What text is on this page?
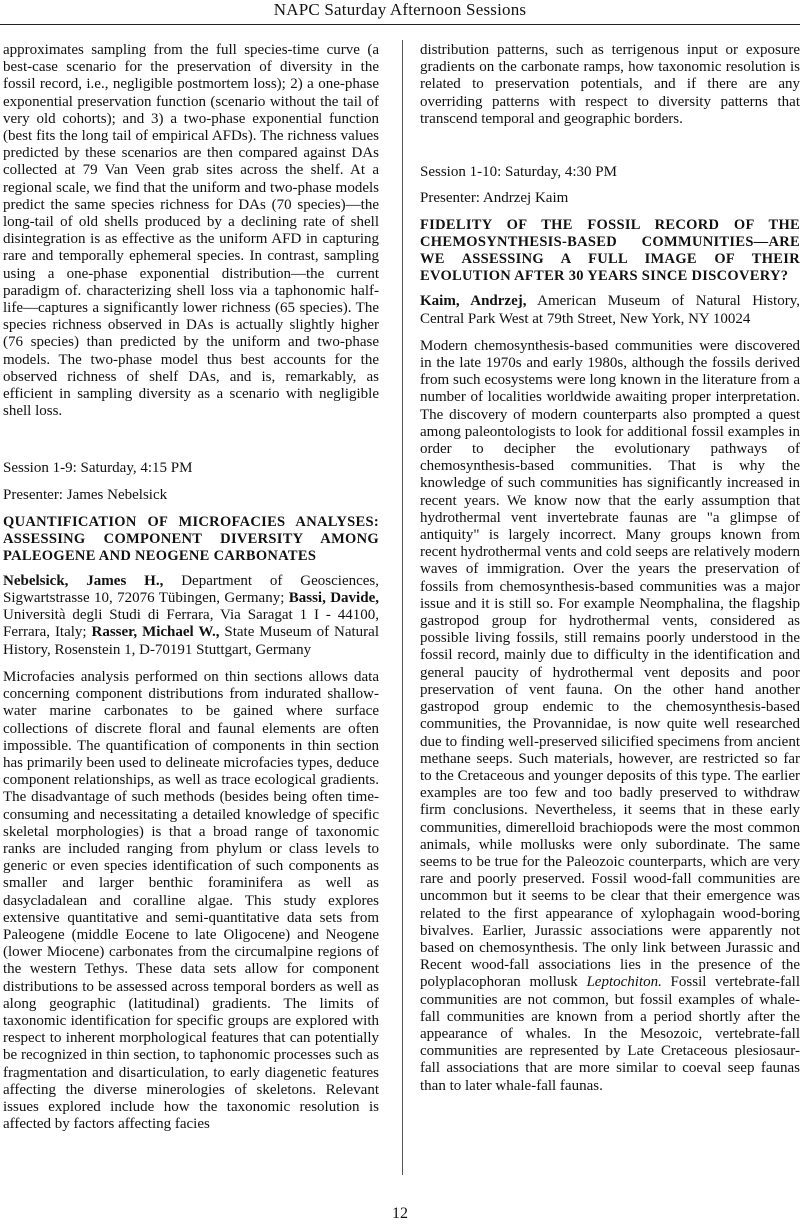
NAPC Saturday Afternoon Sessions

approximates sampling from the full species-time curve (a best-case scenario for the preservation of diversity in the fossil record, i.e., negligible postmortem loss); 2) a one-phase exponential preservation function (scenario without the tail of very old cohorts); and 3) a two-phase exponential function (best fits the long tail of empirical AFDs). The richness values predicted by these scenarios are then compared against DAs collected at 79 Van Veen grab sites across the shelf. At a regional scale, we find that the uniform and two-phase models predict the same species richness for DAs (70 species)—the long-tail of old shells produced by a declining rate of shell disintegration is as effective as the uniform AFD in capturing rare and temporally ephemeral species. In contrast, sampling using a one-phase exponential distribution—the current paradigm of. characterizing shell loss via a taphonomic half-life—captures a significantly lower richness (65 species). The species richness observed in DAs is actually slightly higher (76 species) than predicted by the uniform and two-phase models. The two-phase model thus best accounts for the observed richness of shelf DAs, and is, remarkably, as efficient in sampling diversity as a scenario with negligible shell loss.

Session 1-9: Saturday, 4:15 PM

Presenter: James Nebelsick

QUANTIFICATION OF MICROFACIES ANALYSES: ASSESSING COMPONENT DIVERSITY AMONG PALEOGENE AND NEOGENE CARBONATES

Nebelsick, James H., Department of Geosciences, Sigwartstrasse 10, 72076 Tübingen, Germany; Bassi, Davide, Università degli Studi di Ferrara, Via Saragat 1 I - 44100, Ferrara, Italy; Rasser, Michael W., State Museum of Natural History, Rosenstein 1, D-70191 Stuttgart, Germany

Microfacies analysis performed on thin sections allows data concerning component distributions from indurated shallow-water marine carbonates to be gained where surface collections of discrete floral and faunal elements are often impossible. The quantification of components in thin section has primarily been used to delineate microfacies types, deduce component relationships, as well as trace ecological gradients. The disadvantage of such methods (besides being often time-consuming and necessitating a detailed knowledge of specific skeletal morphologies) is that a broad range of taxonomic ranks are included ranging from phylum or class levels to generic or even species identification of such components as smaller and larger benthic foraminifera as well as dasycladalean and coralline algae. This study explores extensive quantitative and semi-quantitative data sets from Paleogene (middle Eocene to late Oligocene) and Neogene (lower Miocene) carbonates from the circumalpine regions of the western Tethys. These data sets allow for component distributions to be assessed across temporal borders as well as along geographic (latitudinal) gradients. The limits of taxonomic identification for specific groups are explored with respect to inherent morphological features that can potentially be recognized in thin section, to taphonomic processes such as fragmentation and disarticulation, to early diagenetic features affecting the diverse minerologies of skeletons. Relevant issues explored include how the taxonomic resolution is affected by factors affecting facies

distribution patterns, such as terrigenous input or exposure gradients on the carbonate ramps, how taxonomic resolution is related to preservation potentials, and if there are any overriding patterns with respect to diversity patterns that transcend temporal and geographic borders.

Session 1-10: Saturday, 4:30 PM

Presenter: Andrzej Kaim

FIDELITY OF THE FOSSIL RECORD OF THE CHEMOSYNTHESIS-BASED COMMUNITIES—ARE WE ASSESSING A FULL IMAGE OF THEIR EVOLUTION AFTER 30 YEARS SINCE DISCOVERY?

Kaim, Andrzej, American Museum of Natural History, Central Park West at 79th Street, New York, NY 10024

Modern chemosynthesis-based communities were discovered in the late 1970s and early 1980s, although the fossils derived from such ecosystems were long known in the literature from a number of localities worldwide awaiting proper interpretation. The discovery of modern counterparts also prompted a quest among paleontologists to look for additional fossil examples in order to decipher the evolutionary pathways of chemosynthesis-based communities. That is why the knowledge of such communities has significantly increased in recent years. We know now that the early assumption that hydrothermal vent invertebrate faunas are "a glimpse of antiquity" is largely incorrect. Many groups known from recent hydrothermal vents and cold seeps are relatively modern waves of immigration. Over the years the preservation of fossils from chemosynthesis-based communities was a major issue and it is still so. For example Neomphalina, the flagship gastropod group for hydrothermal vents, considered as possible living fossils, still remains poorly understood in the fossil record, mainly due to difficulty in the identification and general paucity of hydrothermal vent deposits and poor preservation of vent fauna. On the other hand another gastropod group endemic to the chemosynthesis-based communities, the Provannidae, is now quite well researched due to finding well-preserved silicified specimens from ancient methane seeps. Such materials, however, are restricted so far to the Cretaceous and younger deposits of this type. The earlier examples are too few and too badly preserved to withdraw firm conclusions. Nevertheless, it seems that in these early communities, dimerelloid brachiopods were the most common animals, while mollusks were only subordinate. The same seems to be true for the Paleozoic counterparts, which are very rare and poorly preserved. Fossil wood-fall communities are uncommon but it seems to be clear that their emergence was related to the first appearance of xylophagain wood-boring bivalves. Earlier, Jurassic associations were apparently not based on chemosynthesis. The only link between Jurassic and Recent wood-fall associations lies in the presence of the polyplacophoran mollusk Leptochiton. Fossil vertebrate-fall communities are not common, but fossil examples of whale-fall communities are known from a period shortly after the appearance of whales. In the Mesozoic, vertebrate-fall communities are represented by Late Cretaceous plesiosaur-fall associations that are more similar to coeval seep faunas than to later whale-fall faunas.

12
